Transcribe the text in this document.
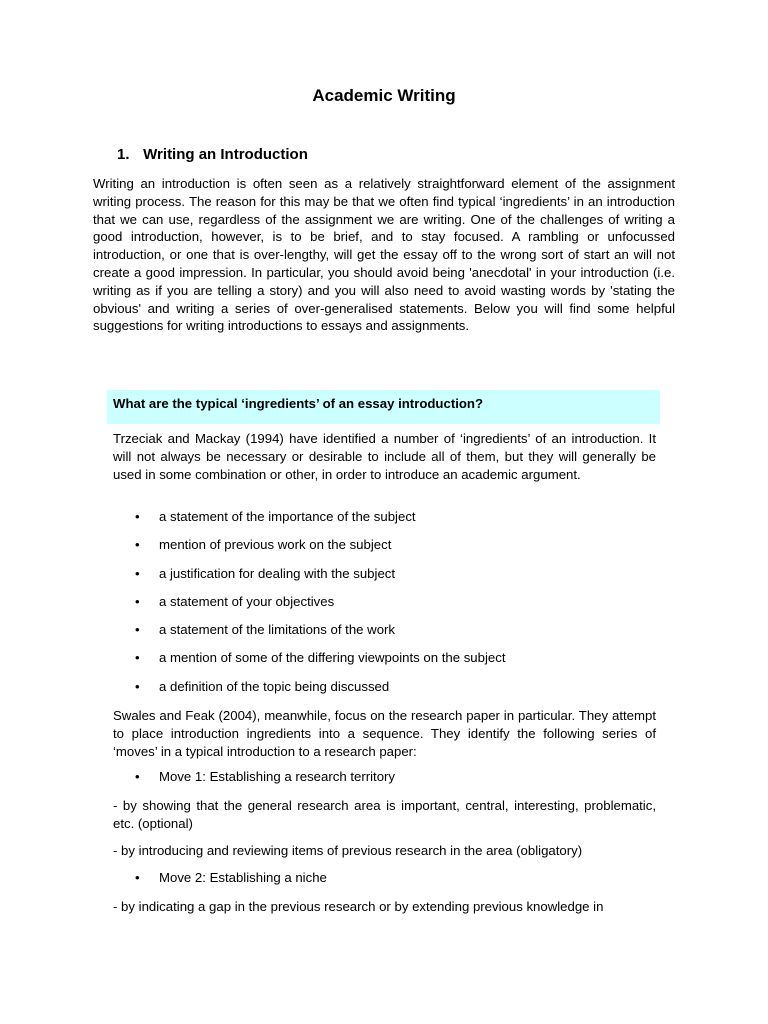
Academic Writing
1. Writing an Introduction

Writing an introduction is often seen as a relatively straightforward element of the assignment writing process. The reason for this may be that we often find typical ‘ingredients’ in an introduction that we can use, regardless of the assignment we are writing. One of the challenges of writing a good introduction, however, is to be brief, and to stay focused. A rambling or unfocussed introduction, or one that is over-lengthy, will get the essay off to the wrong sort of start an will not create a good impression. In particular, you should avoid being 'anecdotal' in your introduction (i.e. writing as if you are telling a story) and you will also need to avoid wasting words by 'stating the obvious' and writing a series of over-generalised statements. Below you will find some helpful suggestions for writing introductions to essays and assignments.

What are the typical ‘ingredients’ of an essay introduction?

Trzeciak and Mackay (1994) have identified a number of ‘ingredients’ of an introduction. It will not always be necessary or desirable to include all of them, but they will generally be used in some combination or other, in order to introduce an academic argument.

• a statement of the importance of the subject
• mention of previous work on the subject
• a justification for dealing with the subject
• a statement of your objectives
• a statement of the limitations of the work
• a mention of some of the differing viewpoints on the subject
• a definition of the topic being discussed

Swales and Feak (2004), meanwhile, focus on the research paper in particular. They attempt to place introduction ingredients into a sequence. They identify the following series of ‘moves’ in a typical introduction to a research paper:

• Move 1: Establishing a research territory

- by showing that the general research area is important, central, interesting, problematic, etc. (optional)

- by introducing and reviewing items of previous research in the area (obligatory)

• Move 2: Establishing a niche

- by indicating a gap in the previous research or by extending previous knowledge in
